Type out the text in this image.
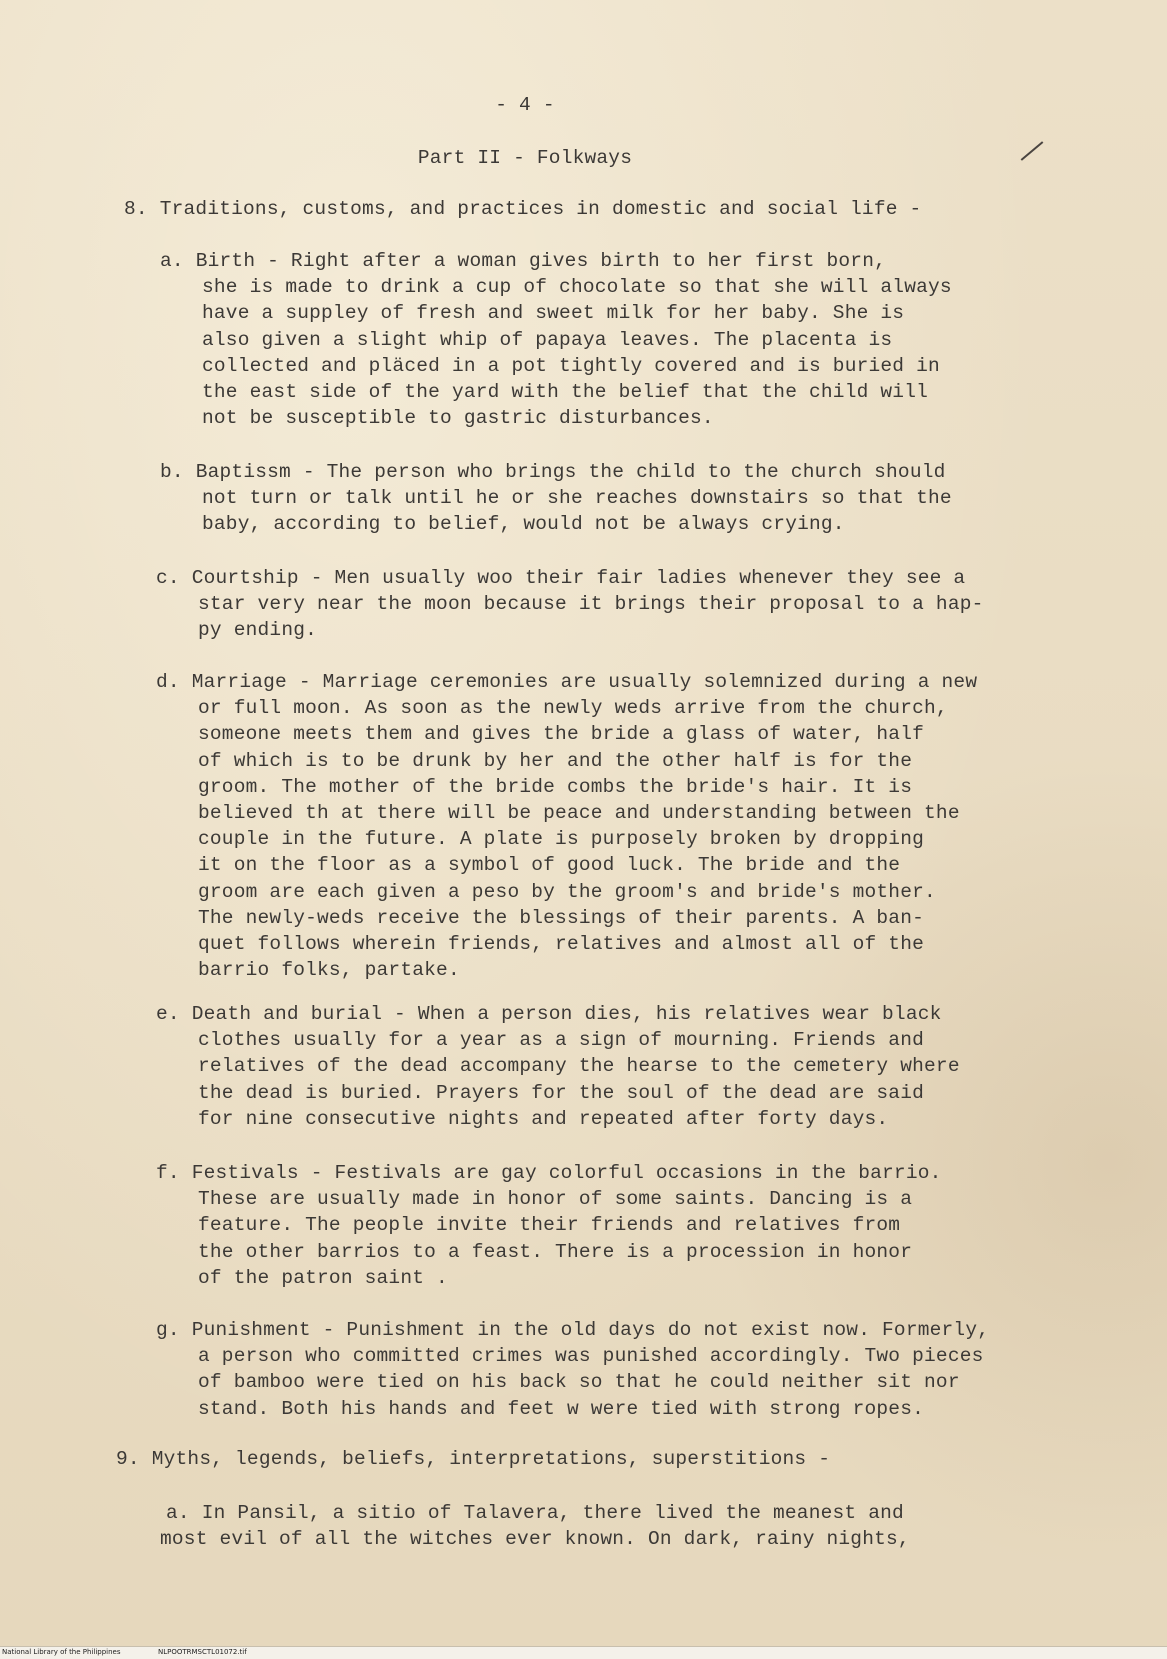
- 4 -

Part II - Folkways

8. Traditions, customs, and practices in domestic and social life -

a. Birth - Right after a woman gives birth to her first born,
she is made to drink a cup of chocolate so that she will always
have a suppley of fresh and sweet milk for her baby. She is
also given a slight whip of papaya leaves. The placenta is
collected and pläced in a pot tightly covered and is buried in
the east side of the yard with the belief that the child will
not be susceptible to gastric disturbances.
b. Baptissm - The person who brings the child to the church should
not turn or talk until he or she reaches downstairs so that the
baby, according to belief, would not be always crying.
c. Courtship - Men usually woo their fair ladies whenever they see a
star very near the moon because it brings their proposal to a hap-
py ending.
d. Marriage - Marriage ceremonies are usually solemnized during a new
or full moon. As soon as the newly weds arrive from the church,
someone meets them and gives the bride a glass of water, half
of which is to be drunk by her and the other half is for the
groom. The mother of the bride combs the bride's hair. It is
believed th at there will be peace and understanding between the
couple in the future. A plate is purposely broken by dropping
it on the floor as a symbol of good luck. The bride and the
groom are each given a peso by the groom's and bride's mother.
The newly-weds receive the blessings of their parents. A ban-
quet follows wherein friends, relatives and almost all of the
barrio folks, partake.
e. Death and burial - When a person dies, his relatives wear black
clothes usually for a year as a sign of mourning. Friends and
relatives of the dead accompany the hearse to the cemetery where
the dead is buried. Prayers for the soul of the dead are said
for nine consecutive nights and repeated after forty days.
f. Festivals - Festivals are gay colorful occasions in the barrio.
These are usually made in honor of some saints. Dancing is a
feature. The people invite their friends and relatives from
the other barrios to a feast. There is a procession in honor
of the patron saint .
g. Punishment - Punishment in the old days do not exist now. Formerly,
a person who committed crimes was punished accordingly. Two pieces
of bamboo were tied on his back so that he could neither sit nor
stand. Both his hands and feet w were tied with strong ropes.

9. Myths, legends, beliefs, interpretations, superstitions -

a. In Pansil, a sitio of Talavera, there lived the meanest and
most evil of all the witches ever known. On dark, rainy nights,
National Library of the Philippines	NLPOOTRMSCTL01072.tif
